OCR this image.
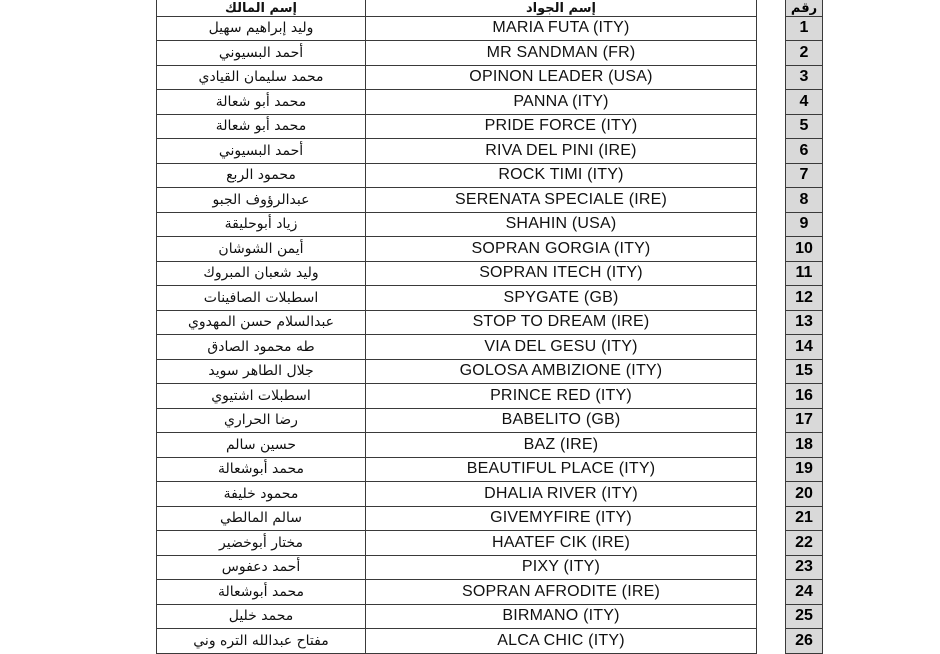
إسم المالك	إسم الجواد		رقم
وليد إبراهيم سهيل	MARIA FUTA (ITY)		1
أحمد البسيوني	MR SANDMAN (FR)		2
محمد سليمان القيادي	OPINON LEADER (USA)		3
محمد أبو شعالة	PANNA (ITY)		4
محمد أبو شعالة	PRIDE FORCE (ITY)		5
أحمد البسيوني	RIVA DEL PINI (IRE)		6
محمود الربع	ROCK TIMI (ITY)		7
عبدالرؤوف الجبو	SERENATA SPECIALE (IRE)		8
زياد أبوحليقة	SHAHIN (USA)		9
أيمن الشوشان	SOPRAN GORGIA (ITY)		10
وليد شعبان المبروك	SOPRAN ITECH (ITY)		11
اسطبلات الصافينات	SPYGATE (GB)		12
عبدالسلام حسن المهدوي	STOP TO DREAM (IRE)		13
طه محمود الصادق	VIA DEL GESU (ITY)		14
جلال الطاهر سويد	GOLOSA AMBIZIONE (ITY)		15
اسطبلات اشتيوي	PRINCE RED (ITY)		16
رضا الحراري	BABELITO (GB)		17
حسين سالم	BAZ (IRE)		18
محمد أبوشعالة	BEAUTIFUL PLACE (ITY)		19
محمود خليفة	DHALIA RIVER (ITY)		20
سالم المالطي	GIVEMYFIRE (ITY)		21
مختار أبوخضير	HAATEF CIK (IRE)		22
أحمد دعفوس	PIXY (ITY)		23
محمد أبوشعالة	SOPRAN AFRODITE (IRE)		24
محمد خليل	BIRMANO (ITY)		25
مفتاح عبدالله التره وني	ALCA CHIC (ITY)		26
